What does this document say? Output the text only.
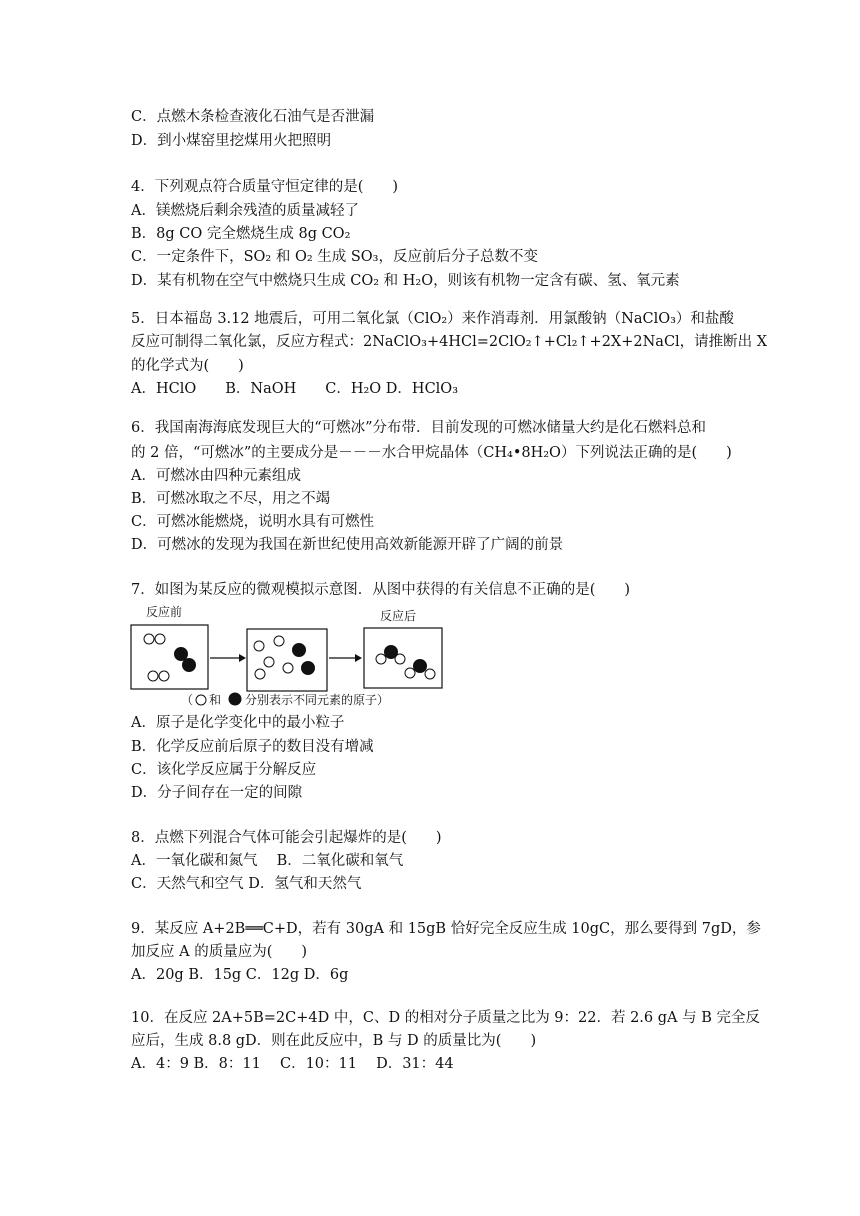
C．点燃木条检查液化石油气是否泄漏
D．到小煤窑里挖煤用火把照明
4．下列观点符合质量守恒定律的是(　　)
A．镁燃烧后剩余残渣的质量减轻了
B．8g CO 完全燃烧生成 8g CO₂
C．一定条件下，SO₂ 和 O₂ 生成 SO₃，反应前后分子总数不变
D．某有机物在空气中燃烧只生成 CO₂ 和 H₂O，则该有机物一定含有碳、氢、氧元素
5．日本福岛 3.12 地震后，可用二氧化氯（ClO₂）来作消毒剂．用氯酸钠（NaClO₃）和盐酸
反应可制得二氧化氯，反应方程式：2NaClO₃+4HCl=2ClO₂↑+Cl₂↑+2X+2NaCl，请推断出 X
的化学式为(　　)
A．HClO　　B．NaOH　　C．H₂O D．HClO₃
6．我国南海海底发现巨大的“可燃冰”分布带．目前发现的可燃冰储量大约是化石燃料总和
的 2 倍，“可燃冰”的主要成分是－－－水合甲烷晶体（CH₄•8H₂O）下列说法正确的是(　　)
A．可燃冰由四种元素组成
B．可燃冰取之不尽，用之不竭
C．可燃冰能燃烧，说明水具有可燃性
D．可燃冰的发现为我国在新世纪使用高效新能源开辟了广阔的前景
7．如图为某反应的微观模拟示意图．从图中获得的有关信息不正确的是(　　)
反应前	反应后
（ 和 分别表示不同元素的原子）
A．原子是化学变化中的最小粒子
B．化学反应前后原子的数目没有增减
C．该化学反应属于分解反应
D．分子间存在一定的间隙
8．点燃下列混合气体可能会引起爆炸的是(　　)
A．一氧化碳和氮气　 B．二氧化碳和氧气
C．天然气和空气 D．氢气和天然气
9．某反应 A+2B══C+D，若有 30gA 和 15gB 恰好完全反应生成 10gC，那么要得到 7gD，参
加反应 A 的质量应为(　　)
A．20g B．15g C．12g D．6g
10．在反应 2A+5B=2C+4D 中，C、D 的相对分子质量之比为 9：22．若 2.6 gA 与 B 完全反
应后，生成 8.8 gD．则在此反应中，B 与 D 的质量比为(　　)
A．4：9 B．8：11　 C．10：11　 D．31：44
